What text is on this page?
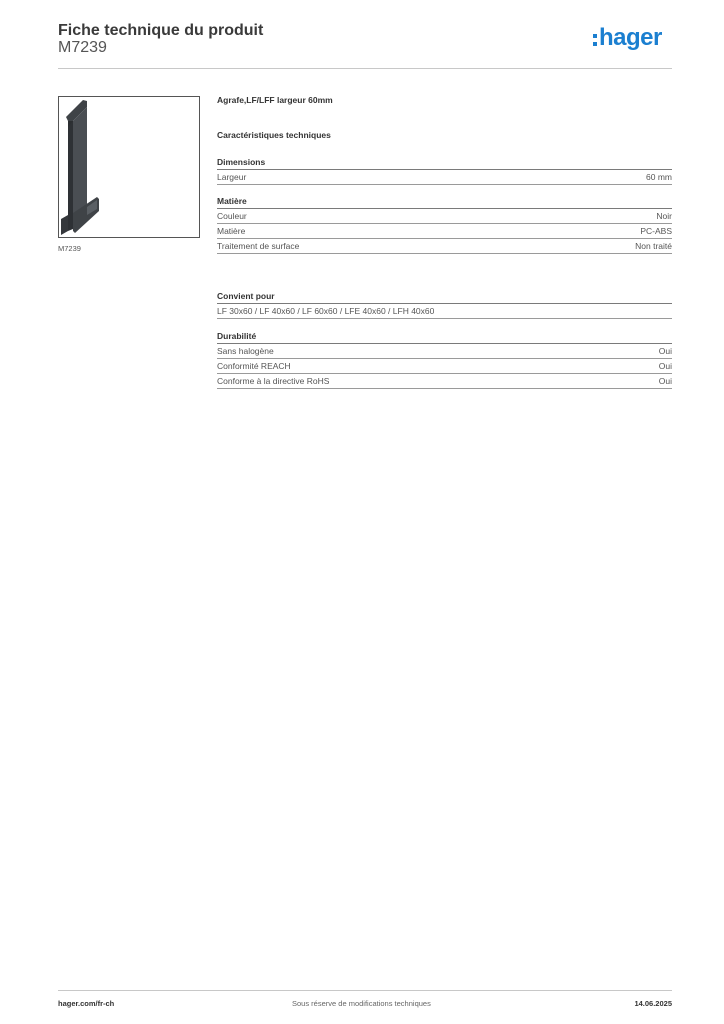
Fiche technique du produit
M7239	hager
M7239
Agrafe,LF/LFF largeur 60mm
Caractéristiques techniques
Dimensions
Largeur	60 mm
Matière
Couleur	Noir
Matière	PC-ABS
Traitement de surface	Non traité
Convient pour
LF 30x60 / LF 40x60 / LF 60x60 / LFE 40x60 / LFH 40x60
Durabilité
Sans halogène	Oui
Conformité REACH	Oui
Conforme à la directive RoHS	Oui
hager.com/fr-ch	Sous réserve de modifications techniques	14.06.2025
